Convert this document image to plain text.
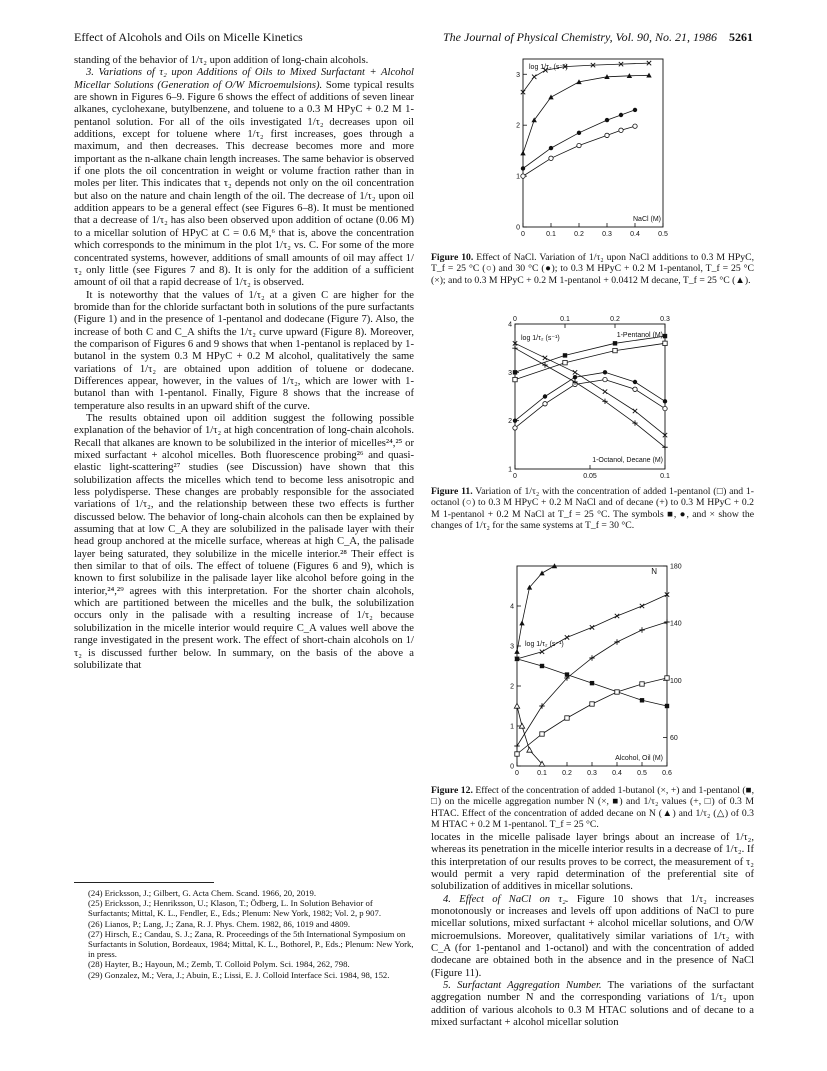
Effect of Alcohols and Oils on Micelle Kinetics	The Journal of Physical Chemistry, Vol. 90, No. 21, 1986 5261

standing of the behavior of 1/τ₂ upon addition of long-chain alcohols.

3. Variations of τ₂ upon Additions of Oils to Mixed Surfactant + Alcohol Micellar Solutions (Generation of O/W Microemulsions). Some typical results are shown in Figures 6–9. Figure 6 shows the effect of additions of seven linear alkanes, cyclohexane, butylbenzene, and toluene to a 0.3 M HPyC + 0.2 M 1-pentanol solution. For all of the oils investigated 1/τ₂ decreases upon oil additions, except for toluene where 1/τ₂ first increases, goes through a maximum, and then decreases. This decrease becomes more and more important as the n-alkane chain length increases. The same behavior is observed if one plots the oil concentration in weight or volume fraction rather than in moles per liter. This indicates that τ₂ depends not only on the oil concentration but also on the nature and chain length of the oil. The decrease of 1/τ₂ upon oil addition appears to be a general effect (see Figures 6–8). It must be mentioned that a decrease of 1/τ₂ has also been observed upon addition of octane (0.06 M) to a micellar solution of HPyC at C = 0.6 M,⁶ that is, above the concentration which corresponds to the minimum in the plot 1/τ₂ vs. C. For some of the more concentrated systems, however, additions of small amounts of oil may affect 1/τ₂ only little (see Figures 7 and 8). It is only for the addition of a sufficient amount of oil that a rapid decrease of 1/τ₂ is observed.

It is noteworthy that the values of 1/τ₂ at a given C are higher for the bromide than for the chloride surfactant both in solutions of the pure surfactants (Figure 1) and in the presence of 1-pentanol and dodecane (Figure 7). Also, the increase of both C and C_A shifts the 1/τ₂ curve upward (Figure 8). Moreover, the comparison of Figures 6 and 9 shows that when 1-pentanol is replaced by 1-butanol in the system 0.3 M HPyC + 0.2 M alcohol, qualitatively the same variations of 1/τ₂ are obtained upon addition of toluene or dodecane. Differences appear, however, in the values of 1/τ₂, which are lower with 1-butanol than with 1-pentanol. Finally, Figure 8 shows that the increase of temperature also results in an upward shift of the curve.

The results obtained upon oil addition suggest the following possible explanation of the behavior of 1/τ₂ at high concentration of long-chain alcohols. Recall that alkanes are known to be solubilized in the interior of micelles²⁴,²⁵ or mixed surfactant + alcohol micelles. Both fluorescence probing²⁶ and quasi-elastic light-scattering²⁷ studies (see Discussion) have shown that this solubilization affects the micelles which tend to become less anisotropic and less polydisperse. These changes are probably responsible for the associated variations of 1/τ₂, and the relationship between these two effects is further discussed below. The behavior of long-chain alcohols can then be explained by assuming that at low C_A they are solubilized in the palisade layer with their head group anchored at the micelle surface, whereas at high C_A, the palisade layer being saturated, they solubilize in the micelle interior.²⁸ Their effect is then similar to that of oils. The effect of toluene (Figures 6 and 9), which is known to first solubilize in the palisade layer like alcohol before going in the interior,²⁴,²⁹ agrees with this interpretation. For the shorter chain alcohols, which are partitioned between the micelles and the bulk, the solubilization occurs only in the palisade with a resulting increase of 1/τ₂ because solubilization in the micelle interior would require C_A values well above the range investigated in the present work. The effect of short-chain alcohols on 1/τ₂ is discussed further below. In summary, on the basis of the above a solubilizate that

(24) Ericksson, J.; Gilbert, G. Acta Chem. Scand. 1966, 20, 2019.
(25) Ericksson, J.; Henriksson, U.; Klason, T.; Ödberg, L. In Solution Behavior of Surfactants; Mittal, K. L., Fendler, E., Eds.; Plenum: New York, 1982; Vol. 2, p 907.
(26) Lianos, P.; Lang, J.; Zana, R. J. Phys. Chem. 1982, 86, 1019 and 4809.
(27) Hirsch, E.; Candau, S. J.; Zana, R. Proceedings of the 5th International Symposium on Surfactants in Solution, Bordeaux, 1984; Mittal, K. L., Bothorel, P., Eds.; Plenum: New York, in press.
(28) Hayter, B.; Hayoun, M.; Zemb, T. Colloid Polym. Sci. 1984, 262, 798.
(29) Gonzalez, M.; Vera, J.; Abuin, E.; Lissi, E. J. Colloid Interface Sci. 1984, 98, 152.
0	0.1	0.2	0.3	0.4	0.5
0
1
2
3
log 1/τ₂ (s⁻¹)
NaCl (M)
Figure 10. Effect of NaCl. Variation of 1/τ₂ upon NaCl additions to 0.3 M HPyC, T_f = 25 °C (○) and 30 °C (●); to 0.3 M HPyC + 0.2 M 1-pentanol, T_f = 25 °C (×); and to 0.3 M HPyC + 0.2 M 1-pentanol + 0.0412 M decane, T_f = 25 °C (▲).
0	0.05	0.1
0	0.1	0.2	0.3
1
2
3
4
log 1/τ₂ (s⁻¹)	1-Pentanol (M)
1-Octanol, Decane (M)
Figure 11. Variation of 1/τ₂ with the concentration of added 1-pentanol (□) and 1-octanol (○) to 0.3 M HPyC + 0.2 M NaCl and of decane (+) to 0.3 M HPyC + 0.2 M 1-pentanol + 0.2 M NaCl at T_f = 25 °C. The symbols ■, ●, and × show the changes of 1/τ₂ for the same systems at T_f = 30 °C.
0	0.1 0.2 0.3 0.4 0.5 0.6
0
1
2
3
4
60
100
140
180
log 1/τ₂ (s⁻¹)
N
Alcohol, Oil (M)
Figure 12. Effect of the concentration of added 1-butanol (×, +) and 1-pentanol (■, □) on the micelle aggregation number N (×, ■) and 1/τ₂ values (+, □) of 0.3 M HTAC. Effect of the concentration of added decane on N (▲) and 1/τ₂ (△) of 0.3 M HTAC + 0.2 M 1-pentanol. T_f = 25 °C.

locates in the micelle palisade layer brings about an increase of 1/τ₂, whereas its penetration in the micelle interior results in a decrease of 1/τ₂. If this interpretation of our results proves to be correct, the measurement of τ₂ would permit a very rapid determination of the preferential site of solubilization of additives in micellar solutions.

4. Effect of NaCl on τ₂. Figure 10 shows that 1/τ₂ increases monotonously or increases and levels off upon additions of NaCl to pure micellar solutions, mixed surfactant + alcohol micellar solutions, and O/W microemulsions. Moreover, qualitatively similar variations of 1/τ₂ with C_A (for 1-pentanol and 1-octanol) and with the concentration of added dodecane are obtained both in the absence and in the presence of NaCl (Figure 11).

5. Surfactant Aggregation Number. The variations of the surfactant aggregation number N and the corresponding variations of 1/τ₂ upon addition of various alcohols to 0.3 M HTAC solutions and of decane to a mixed surfactant + alcohol micellar solution
